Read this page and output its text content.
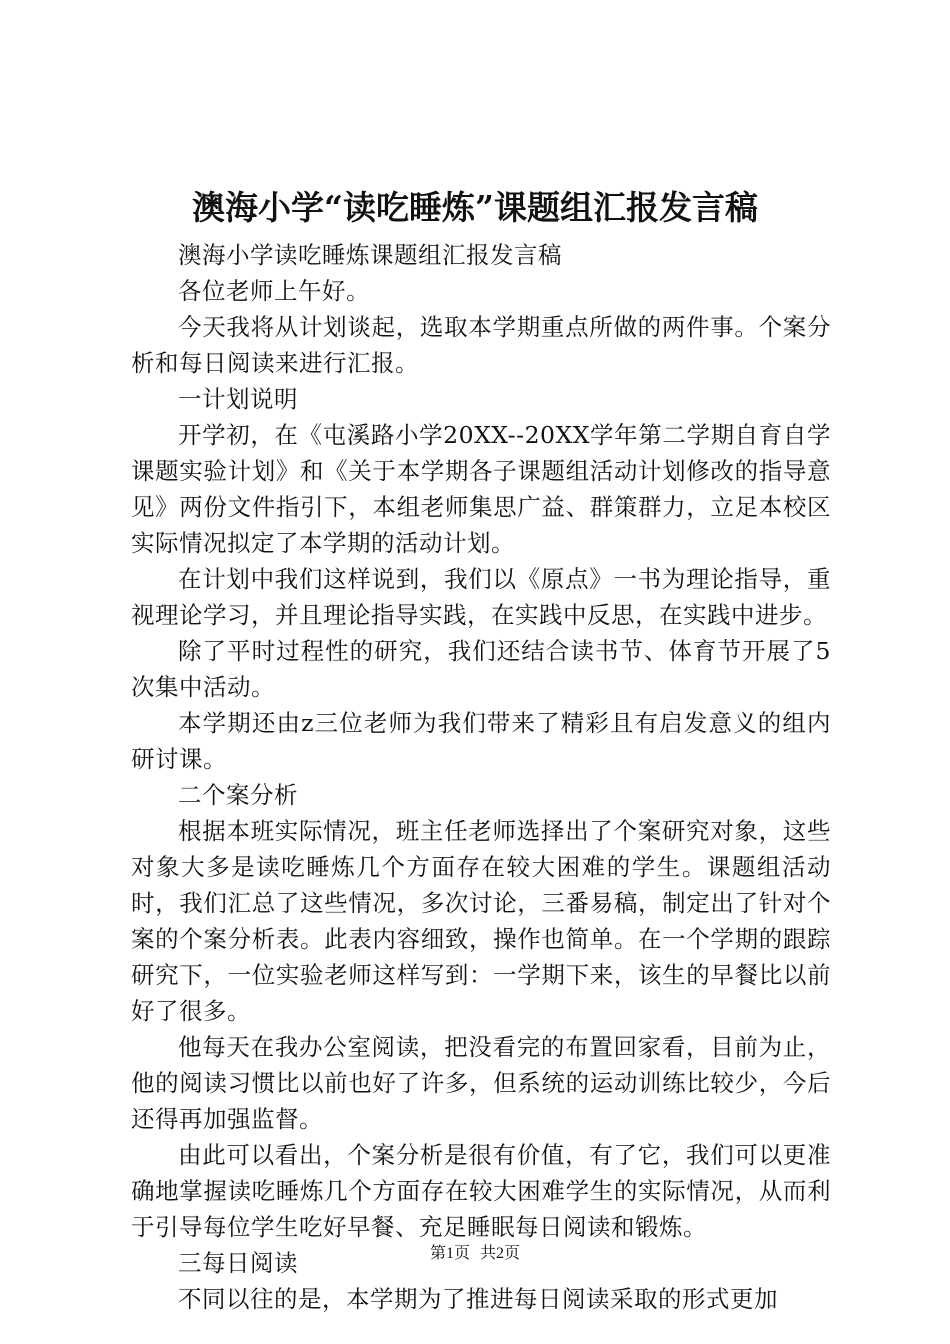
澳海小学“读吃睡炼”课题组汇报发言稿

澳海小学读吃睡炼课题组汇报发言稿

各位老师上午好。

今天我将从计划谈起，选取本学期重点所做的两件事。个案分析和每日阅读来进行汇报。

一计划说明

开学初，在《屯溪路小学20XX--20XX学年第二学期自育自学课题实验计划》和《关于本学期各子课题组活动计划修改的指导意见》两份文件指引下，本组老师集思广益、群策群力，立足本校区实际情况拟定了本学期的活动计划。

在计划中我们这样说到，我们以《原点》一书为理论指导，重视理论学习，并且理论指导实践，在实践中反思，在实践中进步。

除了平时过程性的研究，我们还结合读书节、体育节开展了5次集中活动。

本学期还由z三位老师为我们带来了精彩且有启发意义的组内研讨课。

二个案分析

根据本班实际情况，班主任老师选择出了个案研究对象，这些对象大多是读吃睡炼几个方面存在较大困难的学生。课题组活动时，我们汇总了这些情况，多次讨论，三番易稿，制定出了针对个案的个案分析表。此表内容细致，操作也简单。在一个学期的跟踪研究下，一位实验老师这样写到：一学期下来，该生的早餐比以前好了很多。

他每天在我办公室阅读，把没看完的布置回家看，目前为止，他的阅读习惯比以前也好了许多，但系统的运动训练比较少，今后还得再加强监督。

由此可以看出，个案分析是很有价值，有了它，我们可以更准确地掌握读吃睡炼几个方面存在较大困难学生的实际情况，从而利于引导每位学生吃好早餐、充足睡眠每日阅读和锻炼。

三每日阅读

不同以往的是，本学期为了推进每日阅读采取的形式更加

第1页 共2页
